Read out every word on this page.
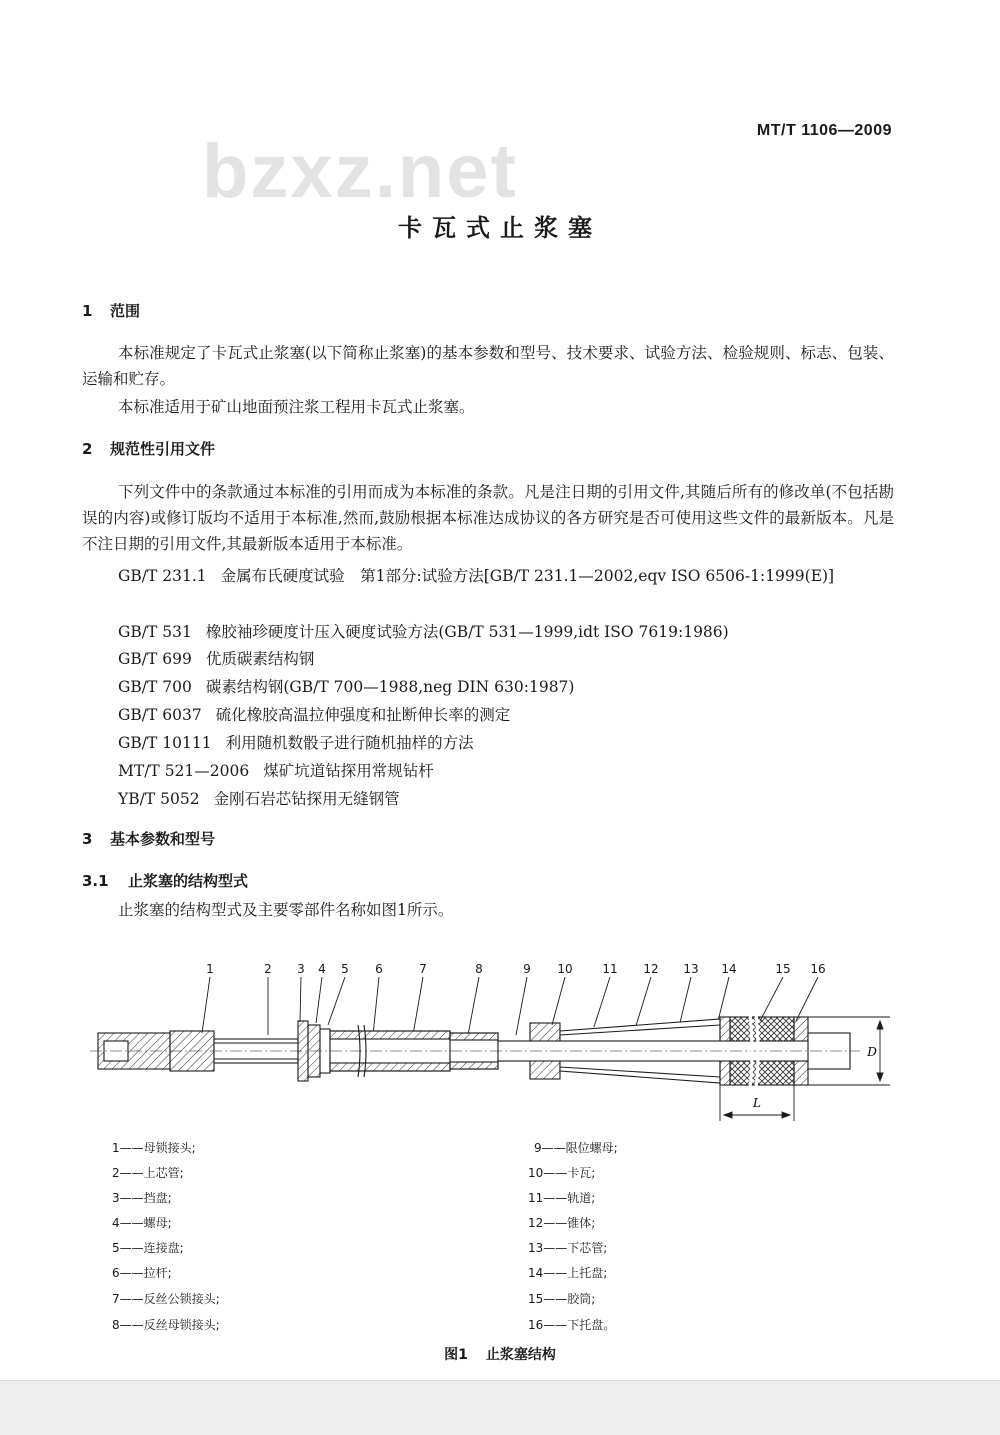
MT/T 1106—2009
bzxz.net
卡瓦式止浆塞
1 范围
本标准规定了卡瓦式止浆塞(以下简称止浆塞)的基本参数和型号、技术要求、试验方法、检验规则、标志、包装、运输和贮存。
本标准适用于矿山地面预注浆工程用卡瓦式止浆塞。
2 规范性引用文件
下列文件中的条款通过本标准的引用而成为本标准的条款。凡是注日期的引用文件,其随后所有的修改单(不包括勘误的内容)或修订版均不适用于本标准,然而,鼓励根据本标准达成协议的各方研究是否可使用这些文件的最新版本。凡是不注日期的引用文件,其最新版本适用于本标准。
GB/T 231.1 金属布氏硬度试验　第1部分:试验方法[GB/T 231.1—2002,eqv ISO 6506-1:1999(E)]
GB/T 531 橡胶袖珍硬度计压入硬度试验方法(GB/T 531—1999,idt ISO 7619:1986)
GB/T 699 优质碳素结构钢
GB/T 700 碳素结构钢(GB/T 700—1988,neg DIN 630:1987)
GB/T 6037 硫化橡胶高温拉伸强度和扯断伸长率的测定
GB/T 10111 利用随机数骰子进行随机抽样的方法
MT/T 521—2006 煤矿坑道钻探用常规钻杆
YB/T 5052 金刚石岩芯钻探用无缝钢管
3 基本参数和型号
3.1 止浆塞的结构型式
止浆塞的结构型式及主要零部件名称如图1所示。
1	2 3 4 5 6	7	8	9 10 11 12 13 14	15 16
L
D
1——母锁接头;
2——上芯管;
3——挡盘;
4——螺母;
5——连接盘;
6——拉杆;
7——反丝公锁接头;
8——反丝母锁接头;
9——限位螺母;
10——卡瓦;
11——轨道;
12——锥体;
13——下芯管;
14——上托盘;
15——胶筒;
16——下托盘。
图1 止浆塞结构
